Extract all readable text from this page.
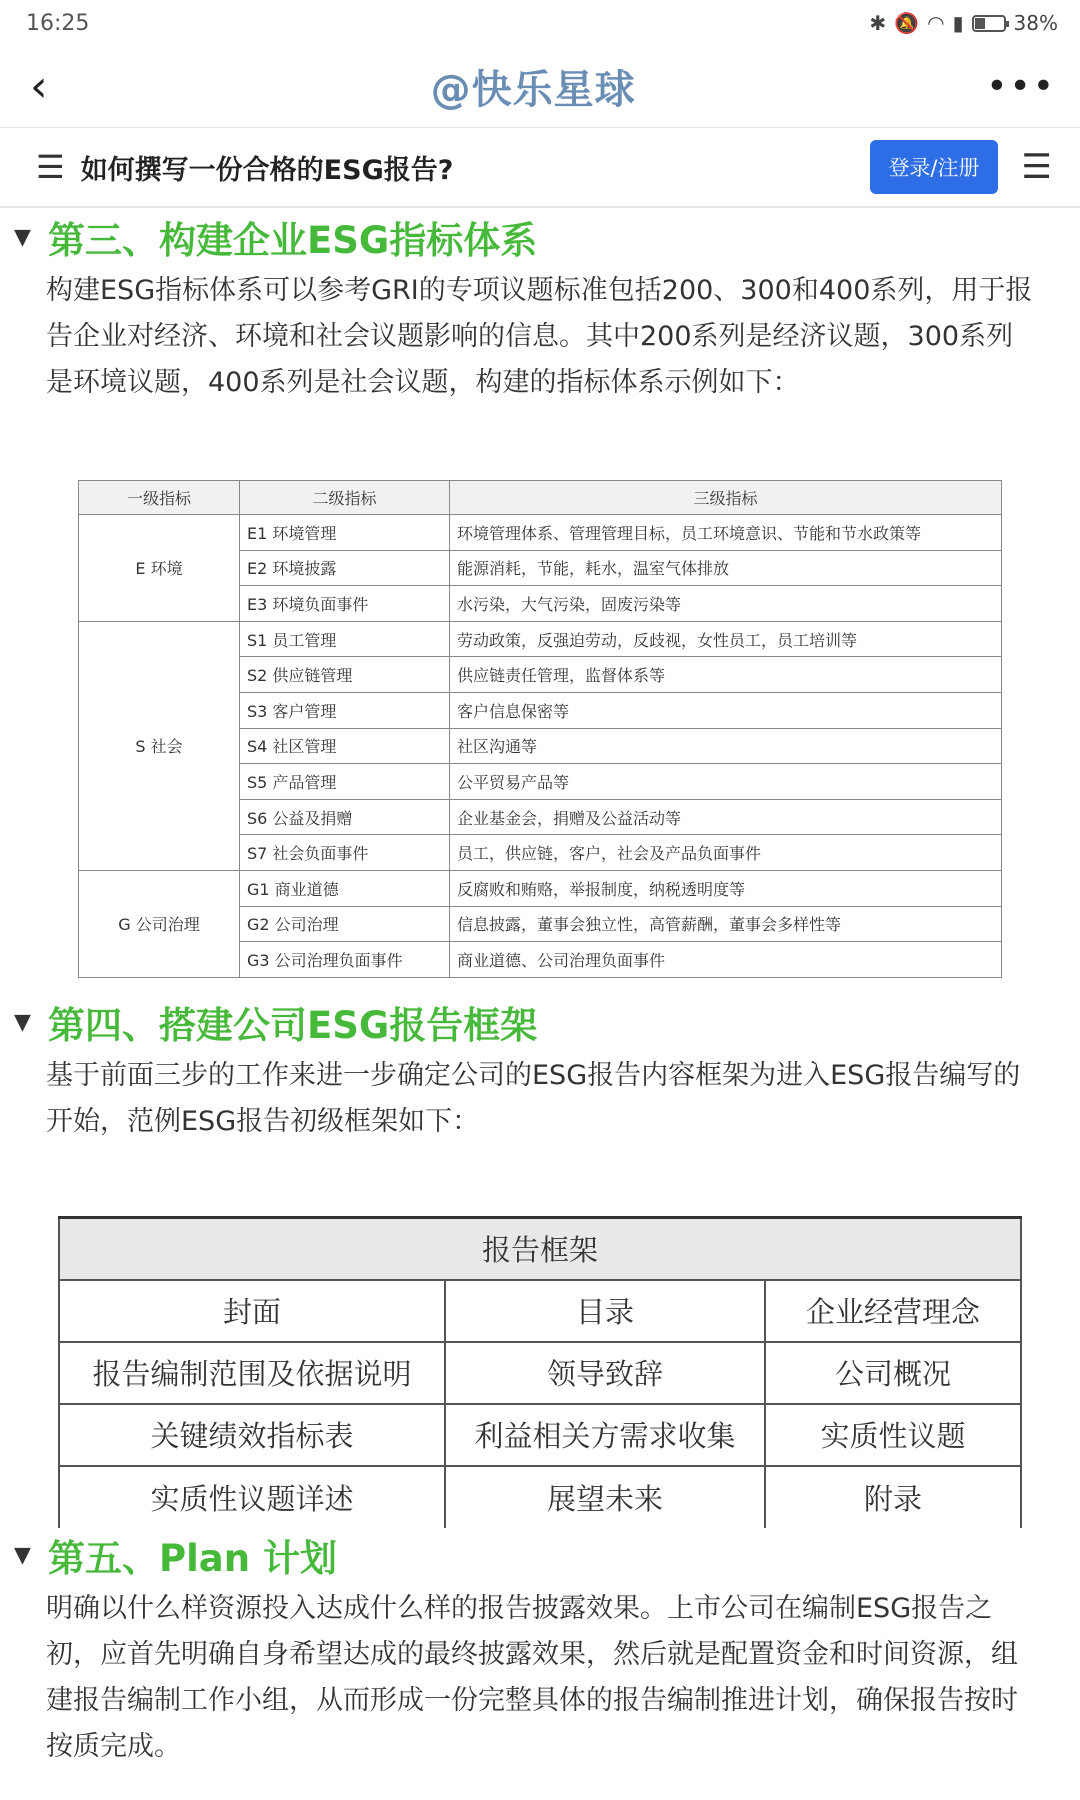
16:25	✱ 🔕 ◠ ▮	38%
‹	@快乐星球	•••
☰ 如何撰写一份合格的ESG报告?	登录/注册	☰
▼ 第三、构建企业ESG指标体系

构建ESG指标体系可以参考GRI的专项议题标准包括200、300和400系列，用于报告企业对经济、环境和社会议题影响的信息。其中200系列是经济议题，300系列是环境议题，400系列是社会议题，构建的指标体系示例如下：

一级指标	二级指标	三级指标
E 环境	E1 环境管理	环境管理体系、管理管理目标，员工环境意识、节能和节水政策等
	E2 环境披露	能源消耗，节能，耗水，温室气体排放
	E3 环境负面事件	水污染，大气污染，固废污染等
S 社会	S1 员工管理	劳动政策，反强迫劳动，反歧视，女性员工，员工培训等
	S2 供应链管理	供应链责任管理，监督体系等
	S3 客户管理	客户信息保密等
	S4 社区管理	社区沟通等
	S5 产品管理	公平贸易产品等
	S6 公益及捐赠	企业基金会，捐赠及公益活动等
	S7 社会负面事件	员工，供应链，客户，社会及产品负面事件
G 公司治理	G1 商业道德	反腐败和贿赂，举报制度，纳税透明度等
	G2 公司治理	信息披露，董事会独立性，高管薪酬，董事会多样性等
	G3 公司治理负面事件	商业道德、公司治理负面事件
▼ 第四、搭建公司ESG报告框架

基于前面三步的工作来进一步确定公司的ESG报告内容框架为进入ESG报告编写的开始，范例ESG报告初级框架如下：

报告框架		
封面	目录	企业经营理念
报告编制范围及依据说明	领导致辞	公司概况
关键绩效指标表	利益相关方需求收集	实质性议题
实质性议题详述	展望未来	附录
▼ 第五、Plan 计划

明确以什么样资源投入达成什么样的报告披露效果。上市公司在编制ESG报告之初，应首先明确自身希望达成的最终披露效果，然后就是配置资金和时间资源，组建报告编制工作小组，从而形成一份完整具体的报告编制推进计划，确保报告按时按质完成。
